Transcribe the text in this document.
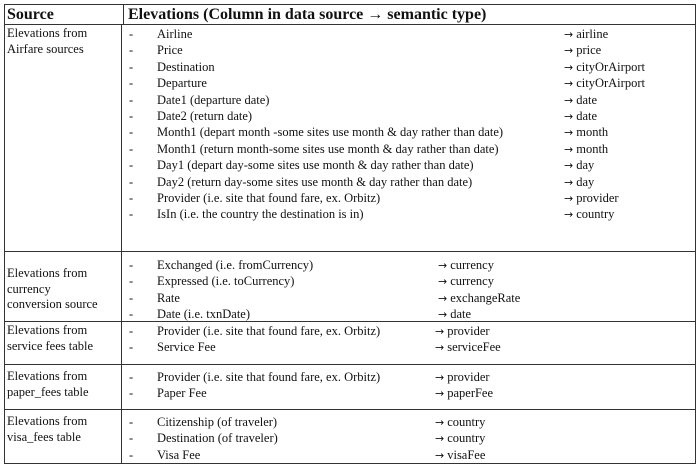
Source	Elevations (Column in data source → semantic type)
Elevations from
Airfare sources
- Airline	→ airline
- Price	→ price
- Destination	→ cityOrAirport
- Departure	→ cityOrAirport
- Date1 (departure date)	→ date
- Date2 (return date)	→ date
- Month1 (depart month -some sites use month & day rather than date)	→ month
- Month1 (return month-some sites use month & day rather than date)	→ month
- Day1 (depart day-some sites use month & day rather than date)	→ day
- Day2 (return day-some sites use month & day rather than date)	→ day
- Provider (i.e. site that found fare, ex. Orbitz)	→ provider
- IsIn (i.e. the country the destination is in)	→ country
Elevations from
currency
conversion source
- Exchanged (i.e. fromCurrency)	→ currency
- Expressed (i.e. toCurrency)	→ currency
- Rate	→ exchangeRate
- Date (i.e. txnDate)	→ date
Elevations from
service fees table
- Provider (i.e. site that found fare, ex. Orbitz)	→ provider
- Service Fee	→ serviceFee
Elevations from
paper_fees table
- Provider (i.e. site that found fare, ex. Orbitz)	→ provider
- Paper Fee	→ paperFee
Elevations from
visa_fees table
- Citizenship (of traveler)	→ country
- Destination (of traveler)	→ country
- Visa Fee	→ visaFee
